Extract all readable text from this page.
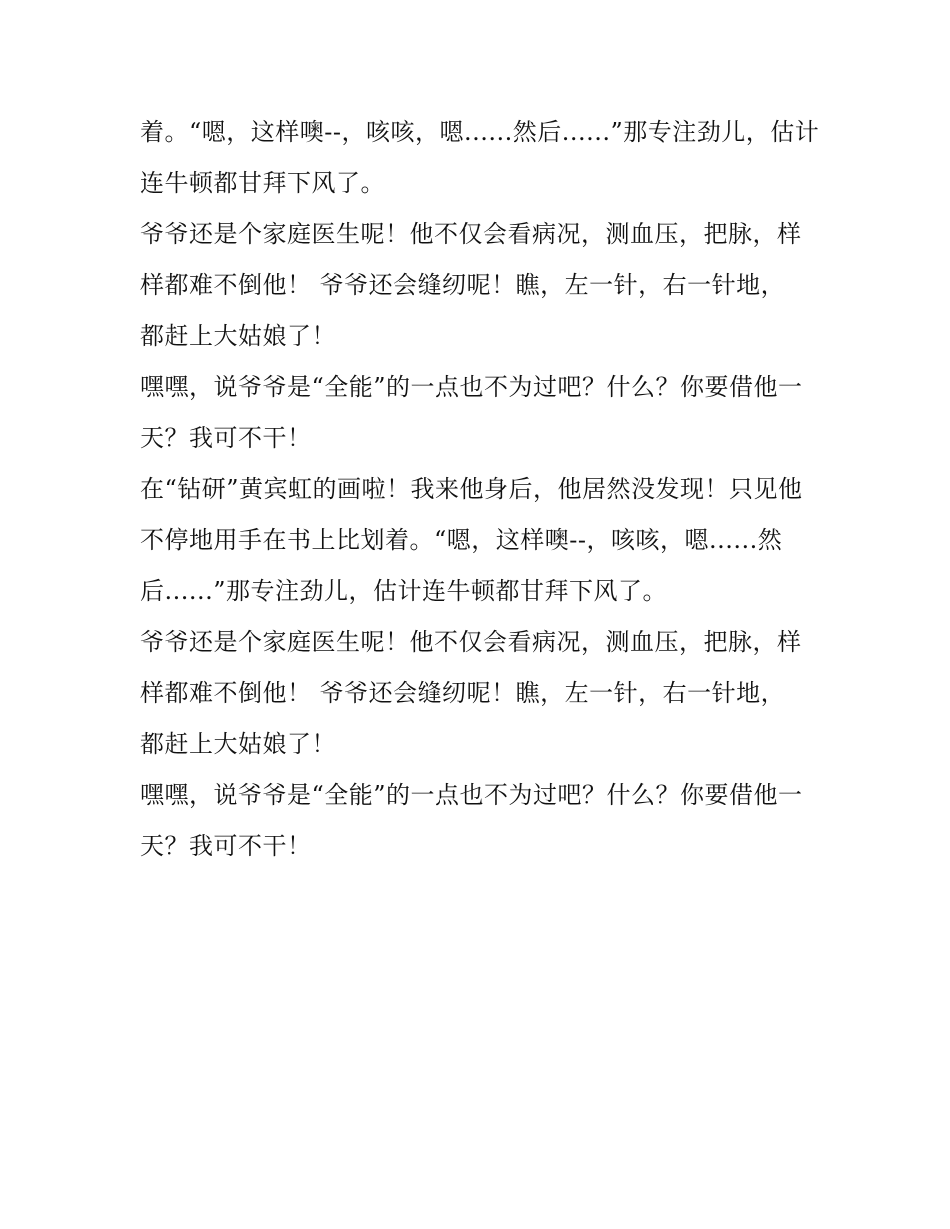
着。“嗯，这样噢--，咳咳，嗯......然后......”那专注劲儿，估计
连牛顿都甘拜下风了。
爷爷还是个家庭医生呢！他不仅会看病况，测血压，把脉，样
样都难不倒他！ 爷爷还会缝纫呢！瞧，左一针，右一针地，
都赶上大姑娘了！
嘿嘿，说爷爷是“全能”的一点也不为过吧？什么？你要借他一
天？我可不干！
在“钻研”黄宾虹的画啦！我来他身后，他居然没发现！只见他
不停地用手在书上比划着。“嗯，这样噢--，咳咳，嗯......然
后......”那专注劲儿，估计连牛顿都甘拜下风了。
爷爷还是个家庭医生呢！他不仅会看病况，测血压，把脉，样
样都难不倒他！ 爷爷还会缝纫呢！瞧，左一针，右一针地，
都赶上大姑娘了！
嘿嘿，说爷爷是“全能”的一点也不为过吧？什么？你要借他一
天？我可不干！
